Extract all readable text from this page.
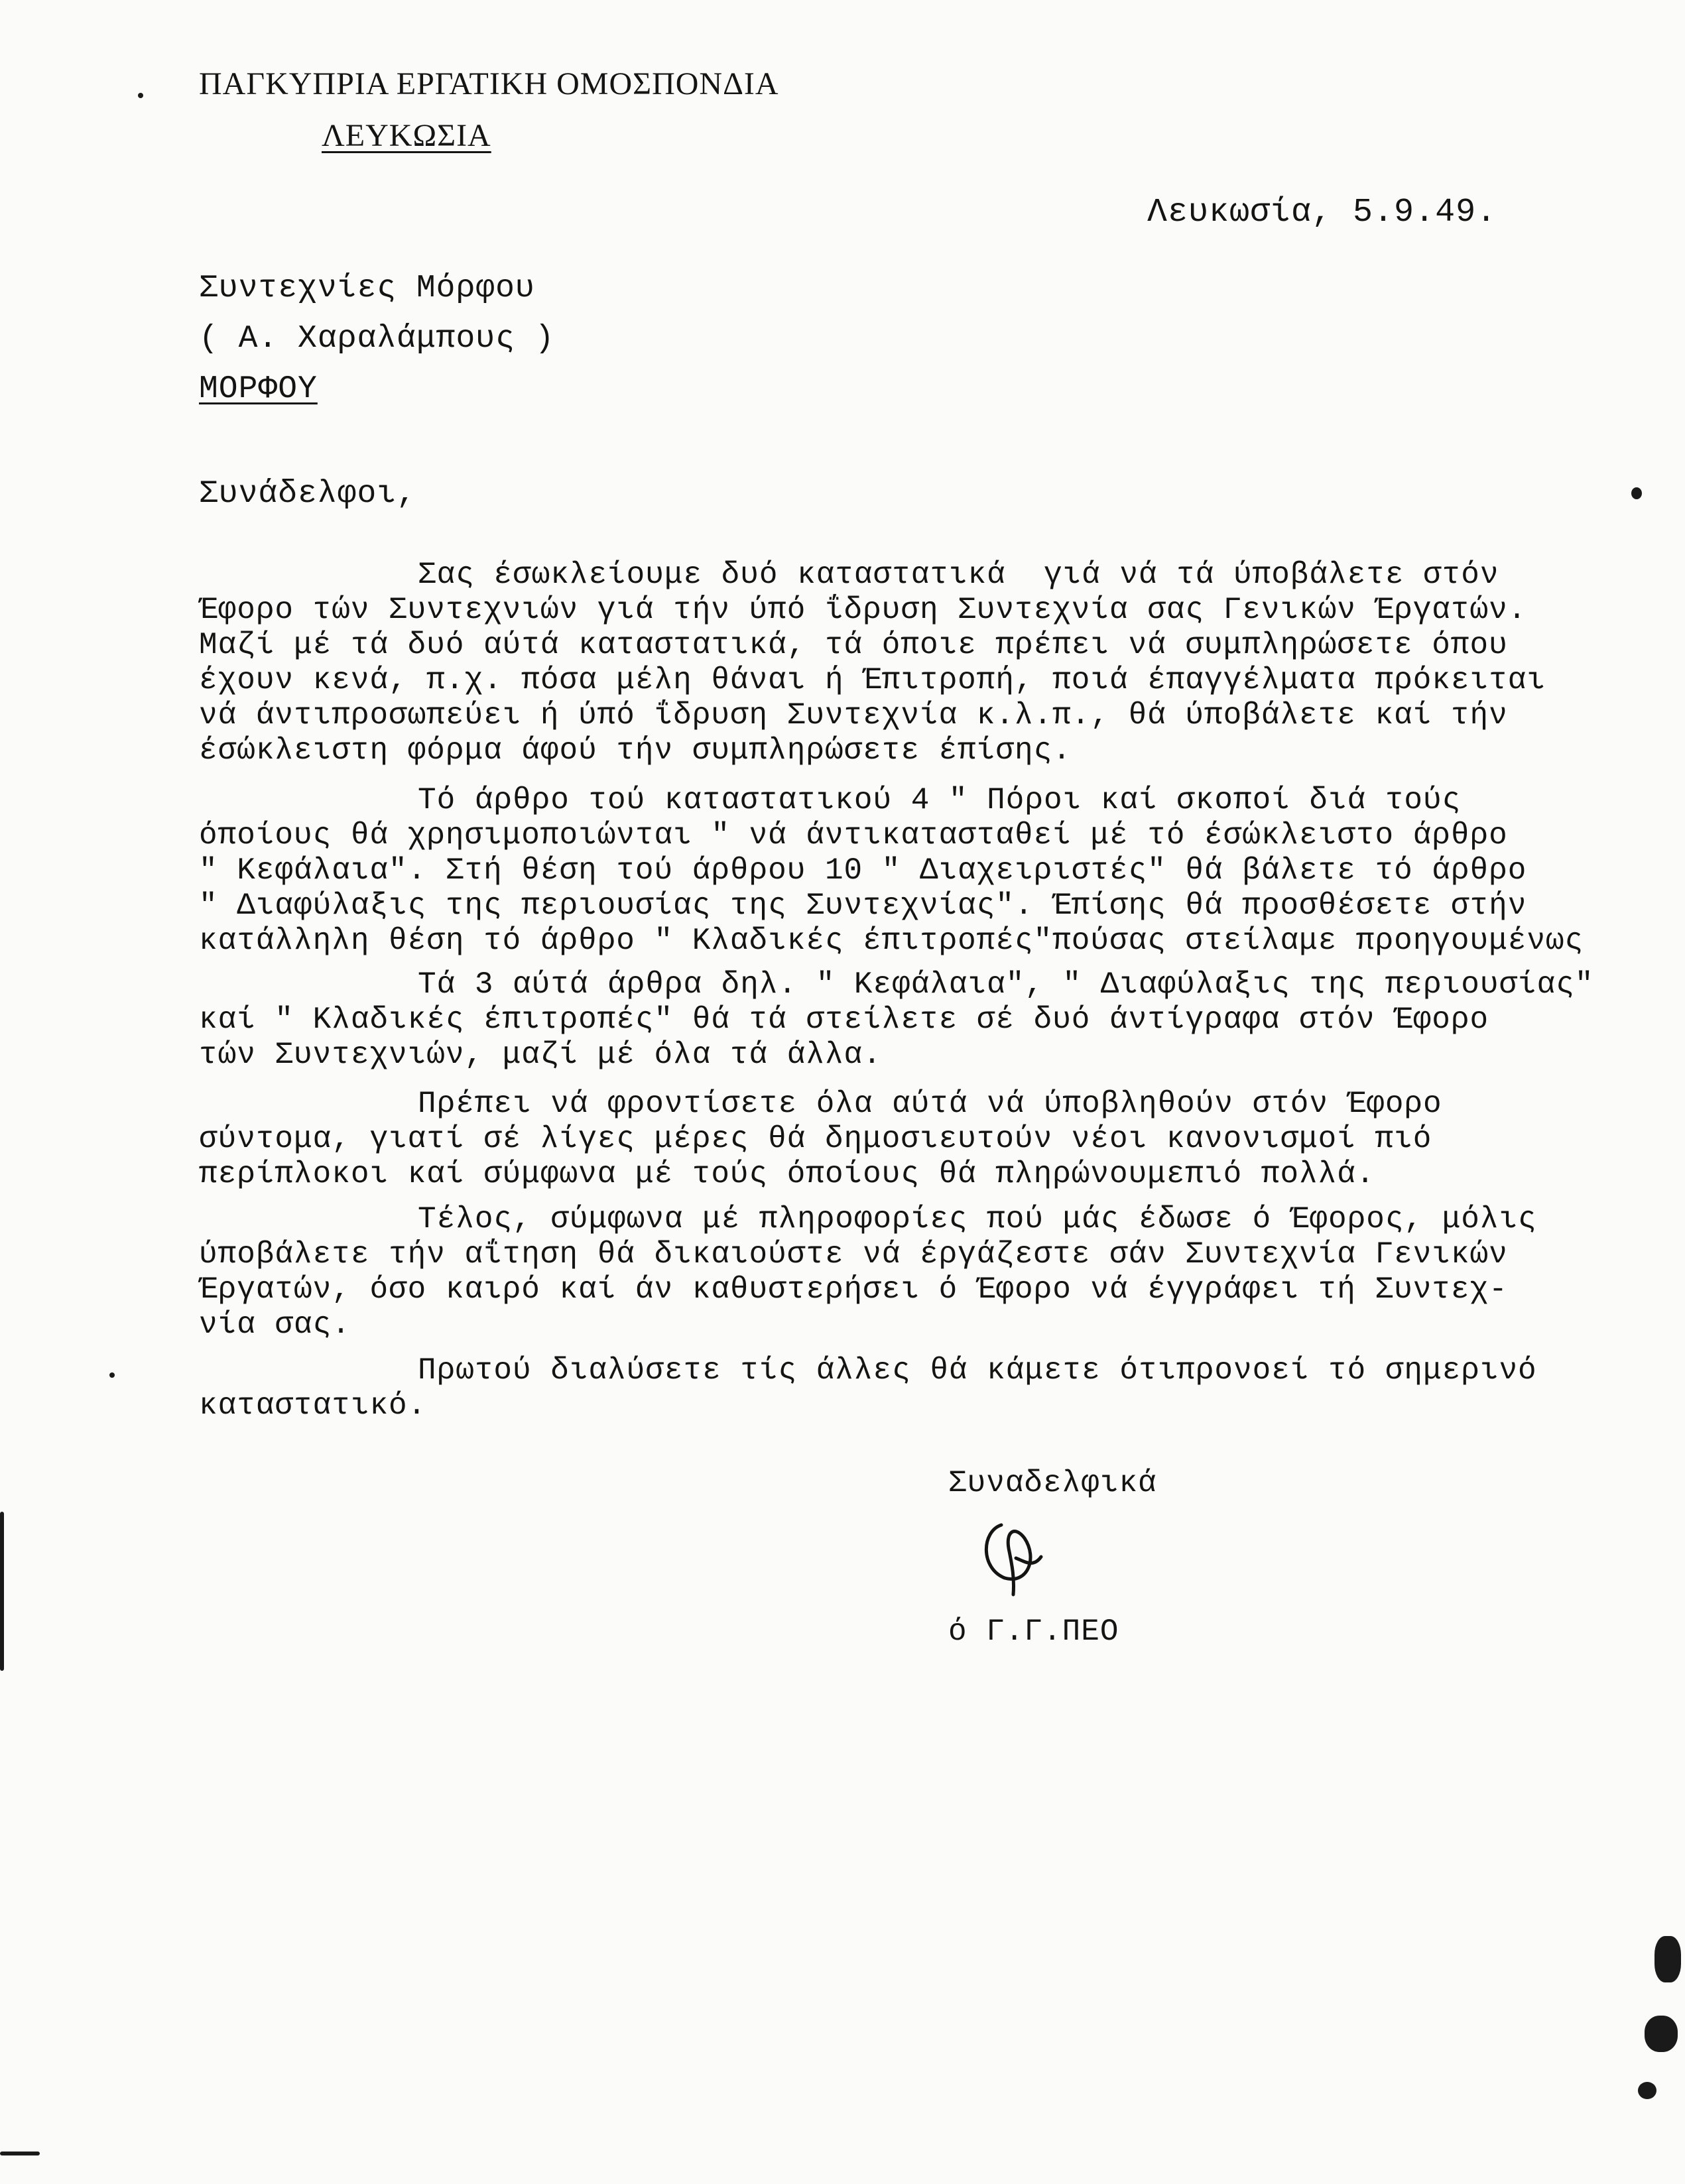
ΠΑΓΚΥΠΡΙΑ ΕΡΓΑΤΙΚΗ ΟΜΟΣΠΟΝΔΙΑ
ΛΕΥΚΩΣΙΑ
Λευκωσία, 5.9.49.
Συντεχνίες Μόρφου
( Α. Χαραλάμπους )
ΜΟΡΦΟΥ
Συνάδελφοι,
Σας έσωκλείουμε δυό καταστατικά  γιά νά τά ύποβάλετε στόν
Έφορο τών Συντεχνιών γιά τήν ύπό ΐδρυση Συντεχνία σας Γενικών Έργατών.
Μαζί μέ τά δυό αύτά καταστατικά, τά όποιε πρέπει νά συμπληρώσετε όπου
έχουν κενά, π.χ. πόσα μέλη θάναι ή Έπιτροπή, ποιά έπαγγέλματα πρόκειται
νά άντιπροσωπεύει ή ύπό ΐδρυση Συντεχνία κ.λ.π., θά ύποβάλετε καί τήν
έσώκλειστη φόρμα άφού τήν συμπληρώσετε έπίσης.
Τό άρθρο τού καταστατικού 4 " Πόροι καί σκοποί διά τούς
όποίους θά χρησιμοποιώνται " νά άντικατασταθεί μέ τό έσώκλειστο άρθρο
" Κεφάλαια". Στή θέση τού άρθρου 10 " Διαχειριστές" θά βάλετε τό άρθρο
" Διαφύλαξις της περιουσίας της Συντεχνίας". Έπίσης θά προσθέσετε στήν
κατάλληλη θέση τό άρθρο " Κλαδικές έπιτροπές"πούσας στείλαμε προηγουμένως
Τά 3 αύτά άρθρα δηλ. " Κεφάλαια", " Διαφύλαξις της περιουσίας"
καί " Κλαδικές έπιτροπές" θά τά στείλετε σέ δυό άντίγραφα στόν Έφορο
τών Συντεχνιών, μαζί μέ όλα τά άλλα.
Πρέπει νά φροντίσετε όλα αύτά νά ύποβληθούν στόν Έφορο
σύντομα, γιατί σέ λίγες μέρες θά δημοσιευτούν νέοι κανονισμοί πιό
περίπλοκοι καί σύμφωνα μέ τούς όποίους θά πληρώνουμεπιό πολλά.
Τέλος, σύμφωνα μέ πληροφορίες πού μάς έδωσε ό Έφορος, μόλις
ύποβάλετε τήν αΐτηση θά δικαιούστε νά έργάζεστε σάν Συντεχνία Γενικών
Έργατών, όσο καιρό καί άν καθυστερήσει ό Έφορο νά έγγράφει τή Συντεχ-
νία σας.
Πρωτού διαλύσετε τίς άλλες θά κάμετε ότιπρονοεί τό σημερινό
καταστατικό.
Συναδελφικά
ό Γ.Γ.ΠΕΟ
